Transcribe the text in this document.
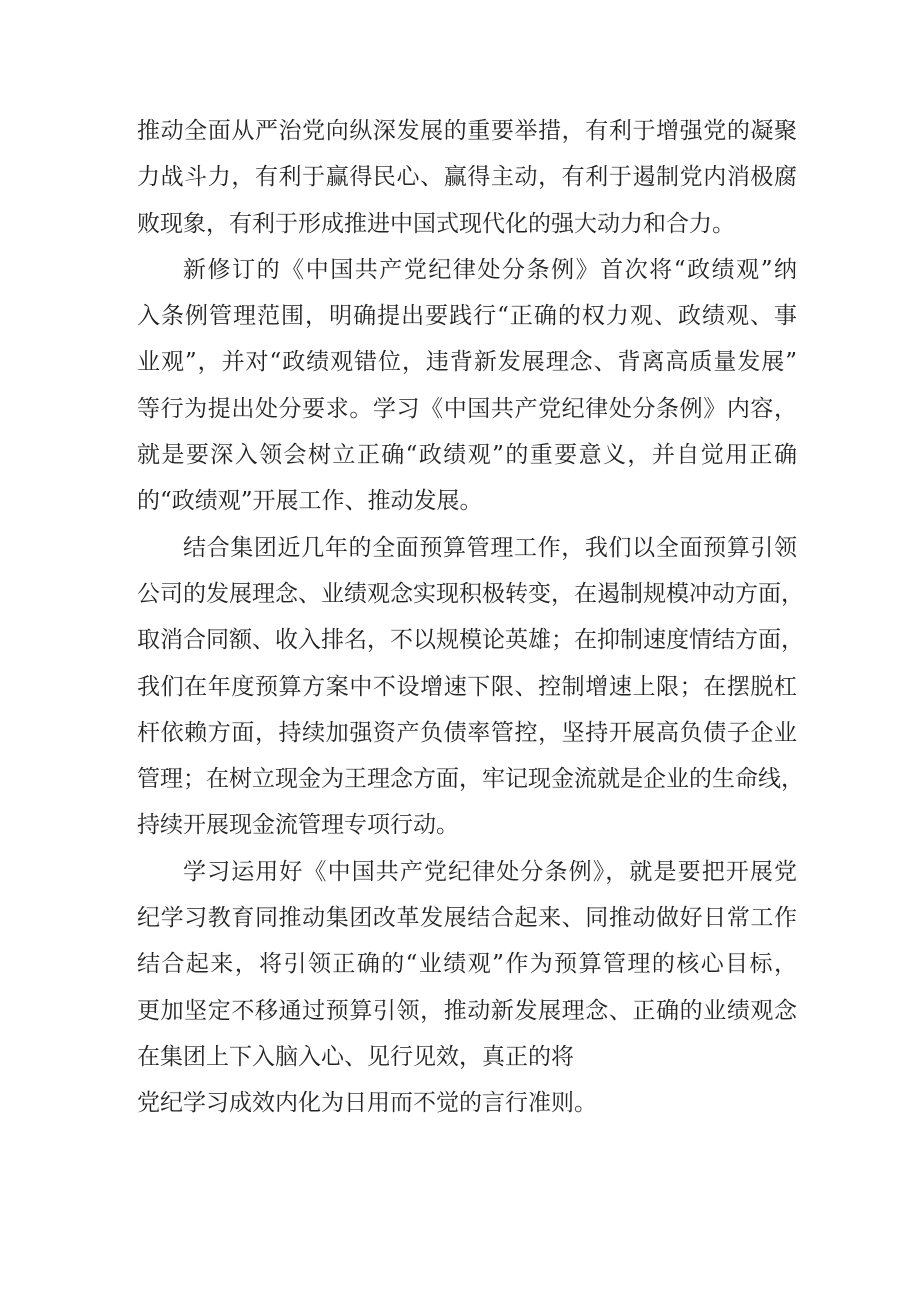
推动全面从严治党向纵深发展的重要举措，有利于增强党的凝聚
力战斗力，有利于赢得民心、赢得主动，有利于遏制党内消极腐
败现象，有利于形成推进中国式现代化的强大动力和合力。
新修订的《中国共产党纪律处分条例》首次将“政绩观”纳
入条例管理范围，明确提出要践行“正确的权力观、政绩观、事
业观”，并对“政绩观错位，违背新发展理念、背离高质量发展”
等行为提出处分要求。学习《中国共产党纪律处分条例》内容，
就是要深入领会树立正确“政绩观”的重要意义，并自觉用正确
的“政绩观”开展工作、推动发展。
结合集团近几年的全面预算管理工作，我们以全面预算引领
公司的发展理念、业绩观念实现积极转变，在遏制规模冲动方面，
取消合同额、收入排名，不以规模论英雄；在抑制速度情结方面，
我们在年度预算方案中不设增速下限、控制增速上限；在摆脱杠
杆依赖方面，持续加强资产负债率管控，坚持开展高负债子企业
管理；在树立现金为王理念方面，牢记现金流就是企业的生命线，
持续开展现金流管理专项行动。
学习运用好《中国共产党纪律处分条例》，就是要把开展党
纪学习教育同推动集团改革发展结合起来、同推动做好日常工作
结合起来，将引领正确的“业绩观”作为预算管理的核心目标，
更加坚定不移通过预算引领，推动新发展理念、正确的业绩观念
在集团上下入脑入心、见行见效，真正的将
党纪学习成效内化为日用而不觉的言行准则。
